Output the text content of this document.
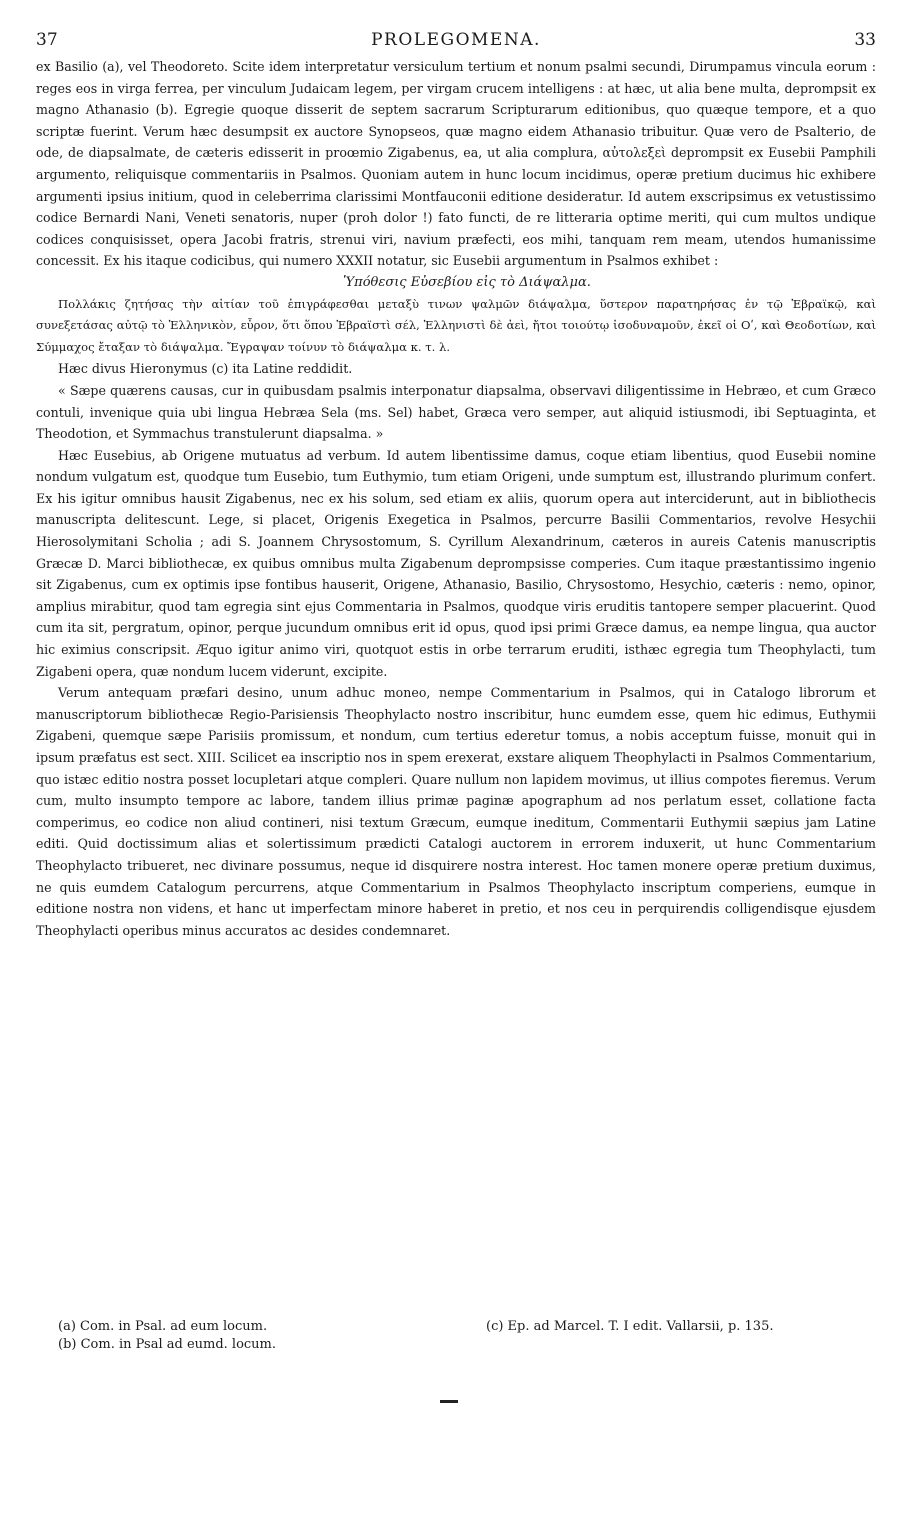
37	PROLEGOMENA.	33

ex Basilio (a), vel Theodoreto. Scite idem interpretatur versiculum tertium et nonum psalmi secundi, Dirumpamus vincula eorum : reges eos in virga ferrea, per vinculum Judaicam legem, per virgam crucem intelligens : at hæc, ut alia bene multa, deprompsit ex magno Athanasio (b). Egregie quoque disserit de septem sacrarum Scripturarum editionibus, quo quæque tempore, et a quo scriptæ fuerint. Verum hæc desumpsit ex auctore Synopseos, quæ magno eidem Athanasio tribuitur. Quæ vero de Psalterio, de ode, de diapsalmate, de cæteris edisserit in proœmio Zigabenus, ea, ut alia complura, αὐτολεξεὶ deprompsit ex Eusebii Pamphili argumento, reliquisque commentariis in Psalmos. Quoniam autem in hunc locum incidimus, operæ pretium ducimus hic exhibere argumenti ipsius initium, quod in celeberrima clarissimi Montfauconii editione desideratur. Id autem exscripsimus ex vetustissimo codice Bernardi Nani, Veneti senatoris, nuper (proh dolor !) fato functi, de re litteraria optime meriti, qui cum multos undique codices conquisisset, opera Jacobi fratris, strenui viri, navium præfecti, eos mihi, tanquam rem meam, utendos humanissime concessit. Ex his itaque codicibus, qui numero XXXII notatur, sic Eusebii argumentum in Psalmos exhibet :

Ὑπόθεσις Εὐσεβίου εἰς τὸ Διάψαλμα.

Πολλάκις ζητήσας τὴν αἰτίαν τοῦ ἐπιγράφεσθαι μεταξὺ τινων ψαλμῶν διάψαλμα, ὕστερον παρατηρήσας ἐν τῷ Ἑβραϊκῷ, καὶ συνεξετάσας αὐτῷ τὸ Ἑλληνικὸν, εὗρον, ὅτι ὅπου Ἑβραϊστὶ σέλ, Ἑλληνιστὶ δὲ ἀεὶ, ἤτοι τοιούτῳ ἰσοδυναμοῦν, ἐκεῖ οἱ Οʹ, καὶ Θεοδοτίων, καὶ Σύμμαχος ἔταξαν τὸ διάψαλμα. Ἔγραψαν τοίνυν τὸ διάψαλμα κ. τ. λ.

Hæc divus Hieronymus (c) ita Latine reddidit.

« Sæpe quærens causas, cur in quibusdam psalmis interponatur diapsalma, observavi diligentissime in Hebræo, et cum Græco contuli, invenique quia ubi lingua Hebræa Sela (ms. Sel) habet, Græca vero semper, aut aliquid istiusmodi, ibi Septuaginta, et Theodotion, et Symmachus transtulerunt diapsalma. »

Hæc Eusebius, ab Origene mutuatus ad verbum. Id autem libentissime damus, coque etiam libentius, quod Eusebii nomine nondum vulgatum est, quodque tum Eusebio, tum Euthymio, tum etiam Origeni, unde sumptum est, illustrando plurimum confert. Ex his igitur omnibus hausit Zigabenus, nec ex his solum, sed etiam ex aliis, quorum opera aut interciderunt, aut in bibliothecis manuscripta delitescunt. Lege, si placet, Origenis Exegetica in Psalmos, percurre Basilii Commentarios, revolve Hesychii Hierosolymitani Scholia ; adi S. Joannem Chrysostomum, S. Cyrillum Alexandrinum, cæteros in aureis Catenis manuscriptis Græcæ D. Marci bibliothecæ, ex quibus omnibus multa Zigabenum deprompsisse comperies. Cum itaque præstantissimo ingenio sit Zigabenus, cum ex optimis ipse fontibus hauserit, Origene, Athanasio, Basilio, Chrysostomo, Hesychio, cæteris : nemo, opinor, amplius mirabitur, quod tam egregia sint ejus Commentaria in Psalmos, quodque viris eruditis tantopere semper placuerint. Quod cum ita sit, pergratum, opinor, perque jucundum omnibus erit id opus, quod ipsi primi Græce damus, ea nempe lingua, qua auctor hic eximius conscripsit. Æquo igitur animo viri, quotquot estis in orbe terrarum eruditi, isthæc egregia tum Theophylacti, tum Zigabeni opera, quæ nondum lucem viderunt, excipite.

Verum antequam præfari desino, unum adhuc moneo, nempe Commentarium in Psalmos, qui in Catalogo librorum et manuscriptorum bibliothecæ Regio-Parisiensis Theophylacto nostro inscribitur, hunc eumdem esse, quem hic edimus, Euthymii Zigabeni, quemque sæpe Parisiis promissum, et nondum, cum tertius ederetur tomus, a nobis acceptum fuisse, monuit qui in ipsum præfatus est sect. XIII. Scilicet ea inscriptio nos in spem erexerat, exstare aliquem Theophylacti in Psalmos Commentarium, quo istæc editio nostra posset locupletari atque compleri. Quare nullum non lapidem movimus, ut illius compotes fieremus. Verum cum, multo insumpto tempore ac labore, tandem illius primæ paginæ apographum ad nos perlatum esset, collatione facta comperimus, eo codice non aliud contineri, nisi textum Græcum, eumque ineditum, Commentarii Euthymii sæpius jam Latine editi. Quid doctissimum alias et solertissimum prædicti Catalogi auctorem in errorem induxerit, ut hunc Commentarium Theophylacto tribueret, nec divinare possumus, neque id disquirere nostra interest. Hoc tamen monere operæ pretium duximus, ne quis eumdem Catalogum percurrens, atque Commentarium in Psalmos Theophylacto inscriptum comperiens, eumque in editione nostra non videns, et hanc ut imperfectam minore haberet in pretio, et nos ceu in perquirendis colligendisque ejusdem Theophylacti operibus minus accuratos ac desides condemnaret.

(a) Com. in Psal. ad eum locum.
(b) Com. in Psal ad eumd. locum.
(c) Ep. ad Marcel. T. I edit. Vallarsii, p. 135.
